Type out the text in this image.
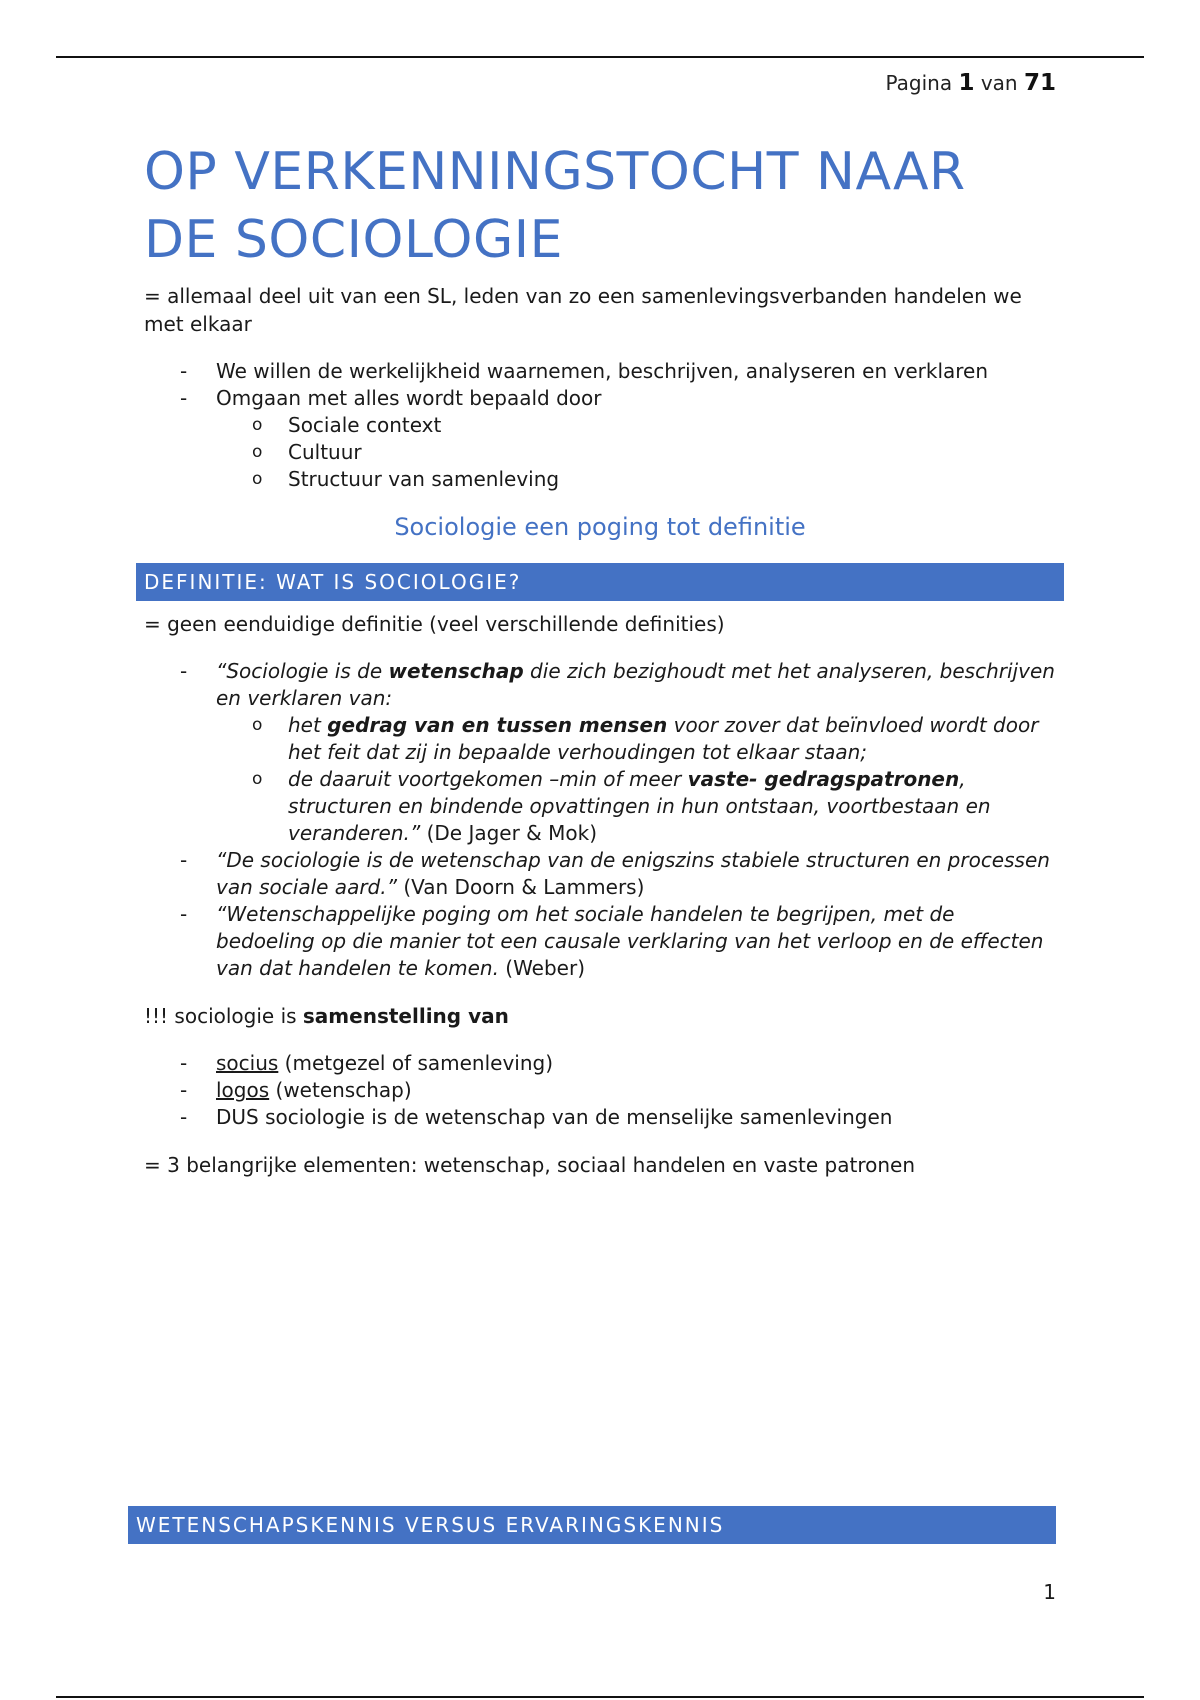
Pagina 1 van 71
OP VERKENNINGSTOCHT NAAR
DE SOCIOLOGIE

= allemaal deel uit van een SL, leden van zo een samenlevingsverbanden handelen we met elkaar

- We willen de werkelijkheid waarnemen, beschrijven, analyseren en verklaren
- Omgaan met alles wordt bepaald door
o Sociale context
o Cultuur
o Structuur van samenleving
Sociologie een poging tot definitie
DEFINITIE: WAT IS SOCIOLOGIE?

= geen eenduidige definitie (veel verschillende definities)

- “Sociologie is de wetenschap die zich bezighoudt met het analyseren, beschrijven en verklaren van:
o het gedrag van en tussen mensen voor zover dat beïnvloed wordt door het feit dat zij in bepaalde verhoudingen tot elkaar staan;
o de daaruit voortgekomen –min of meer vaste- gedragspatronen, structuren en bindende opvattingen in hun ontstaan, voortbestaan en veranderen.” (De Jager & Mok)
- “De sociologie is de wetenschap van de enigszins stabiele structuren en processen van sociale aard.” (Van Doorn & Lammers)
- “Wetenschappelijke poging om het sociale handelen te begrijpen, met de bedoeling op die manier tot een causale verklaring van het verloop en de effecten van dat handelen te komen. (Weber)

!!! sociologie is samenstelling van

- socius (metgezel of samenleving)
- logos (wetenschap)
- DUS sociologie is de wetenschap van de menselijke samenlevingen

= 3 belangrijke elementen: wetenschap, sociaal handelen en vaste patronen

WETENSCHAPSKENNIS VERSUS ERVARINGSKENNIS
1
